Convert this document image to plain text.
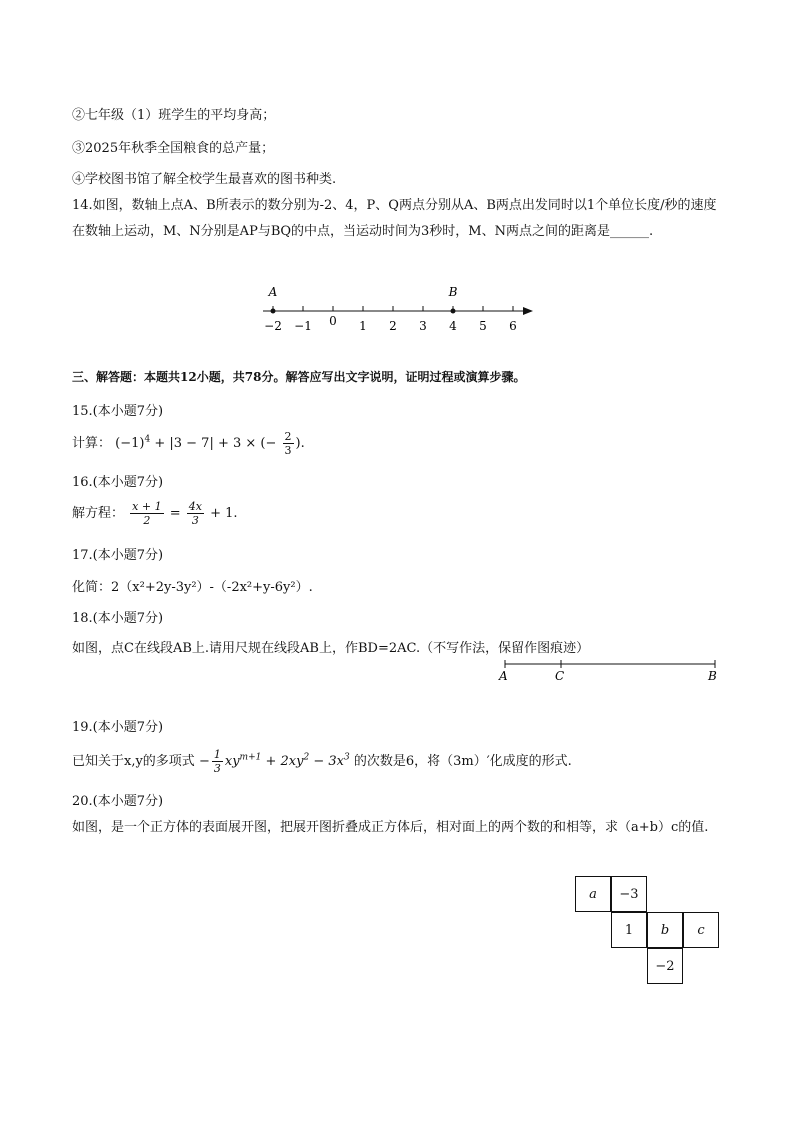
②七年级（1）班学生的平均身高；
③2025年秋季全国粮食的总产量；
④学校图书馆了解全校学生最喜欢的图书种类.
14.如图，数轴上点A、B所表示的数分别为-2、4，P、Q两点分别从A、B两点出发同时以1个单位长度/秒的速度在数轴上运动，M、N分别是AP与BQ的中点，当运动时间为3秒时，M、N两点之间的距离是______.
−2 −1 0 1 2 3 4 5 6
A	B
三、解答题：本题共12小题，共78分。解答应写出文字说明，证明过程或演算步骤。
15.(本小题7分)
计算： $(-1)^4 + |3 - 7| + 3$ × (− $\frac{2}{3}$ ).
16.(本小题7分)
解方程： $\frac{x + 1}{2} = \frac{4x}{3} + 1$.
17.(本小题7分)
化简：2（x²+2y-3y²）-（-2x²+y-6y²）.
18.(本小题7分)
如图，点C在线段AB上.请用尺规在线段AB上，作BD=2AC.（不写作法，保留作图痕迹）
A	C	B
19.(本小题7分)
已知关于x,y的多项式 − $\frac{1}{3} xy^{m+1} + 2xy^2 - 3x^3$ 的次数是6，将（3m）′化成度的形式.
20.(本小题7分)
如图，是一个正方体的表面展开图，把展开图折叠成正方体后，相对面上的两个数的和相等，求（a+b）c的值.
a	−3
1	b	c
−2
